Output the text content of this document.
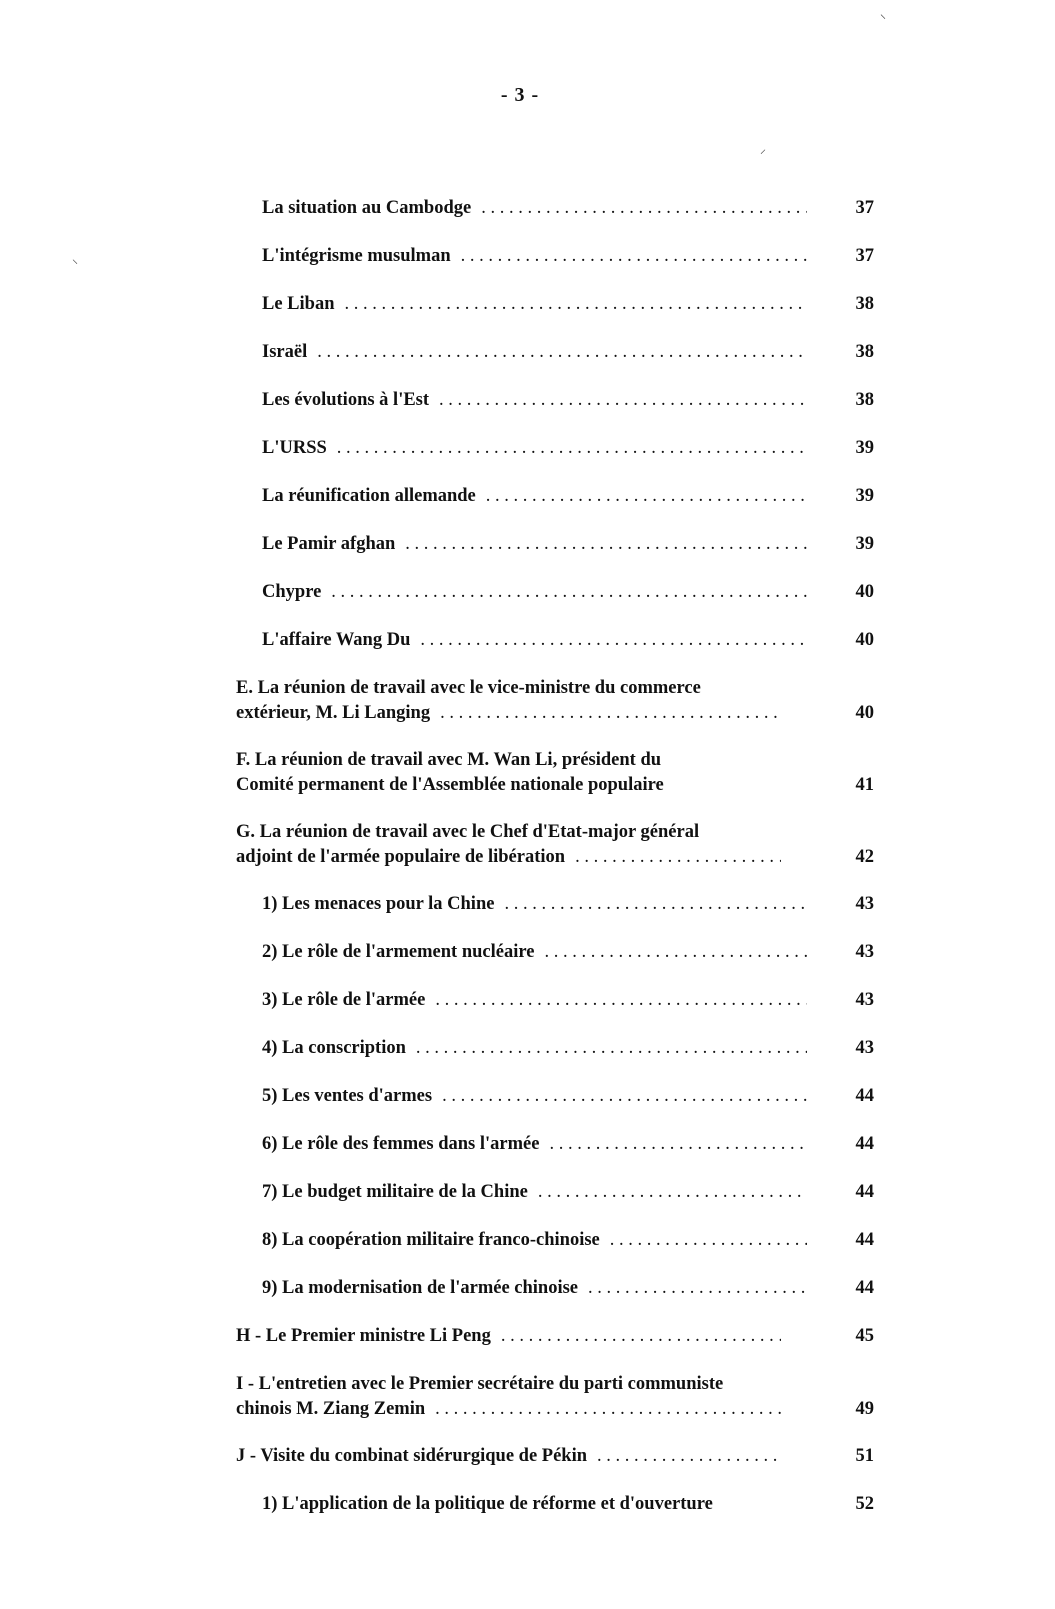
- 3 -
37
La situation au Cambodge
. . .
37
L'intégrisme musulman
. . .
38
Le Liban
. . .
38
Israël
. . .
38
Les évolutions à l'Est
. . .
39
L'URSS
. . .
39
La réunification allemande
. . .
39
Le Pamir afghan
. . .
40
Chypre
. . .
40
L'affaire Wang Du
. . .
E. La réunion de travail avec le vice-ministre du commerce
40
extérieur, M. Li Langing
. . .
F. La réunion de travail avec M. Wan Li, président du
41
Comité permanent de l'Assemblée nationale populaire
G. La réunion de travail avec le Chef d'Etat-major général
42
adjoint de l'armée populaire de libération
. . .
43
1) Les menaces pour la Chine
. . .
43
2) Le rôle de l'armement nucléaire
. . .
43
3) Le rôle de l'armée
. . .
43
4) La conscription
. . .
44
5) Les ventes d'armes
. . .
44
6) Le rôle des femmes dans l'armée
. . .
44
7) Le budget militaire de la Chine
. . .
44
8) La coopération militaire franco-chinoise
. . .
44
9) La modernisation de l'armée chinoise
. . .
45
H - Le Premier ministre Li Peng
. . .
I - L'entretien avec le Premier secrétaire du parti communiste
49
chinois M. Ziang Zemin
. . .
51
J - Visite du combinat sidérurgique de Pékin
. . .
52
1) L'application de la politique de réforme et d'ouverture
⸌
⸝
⸜
